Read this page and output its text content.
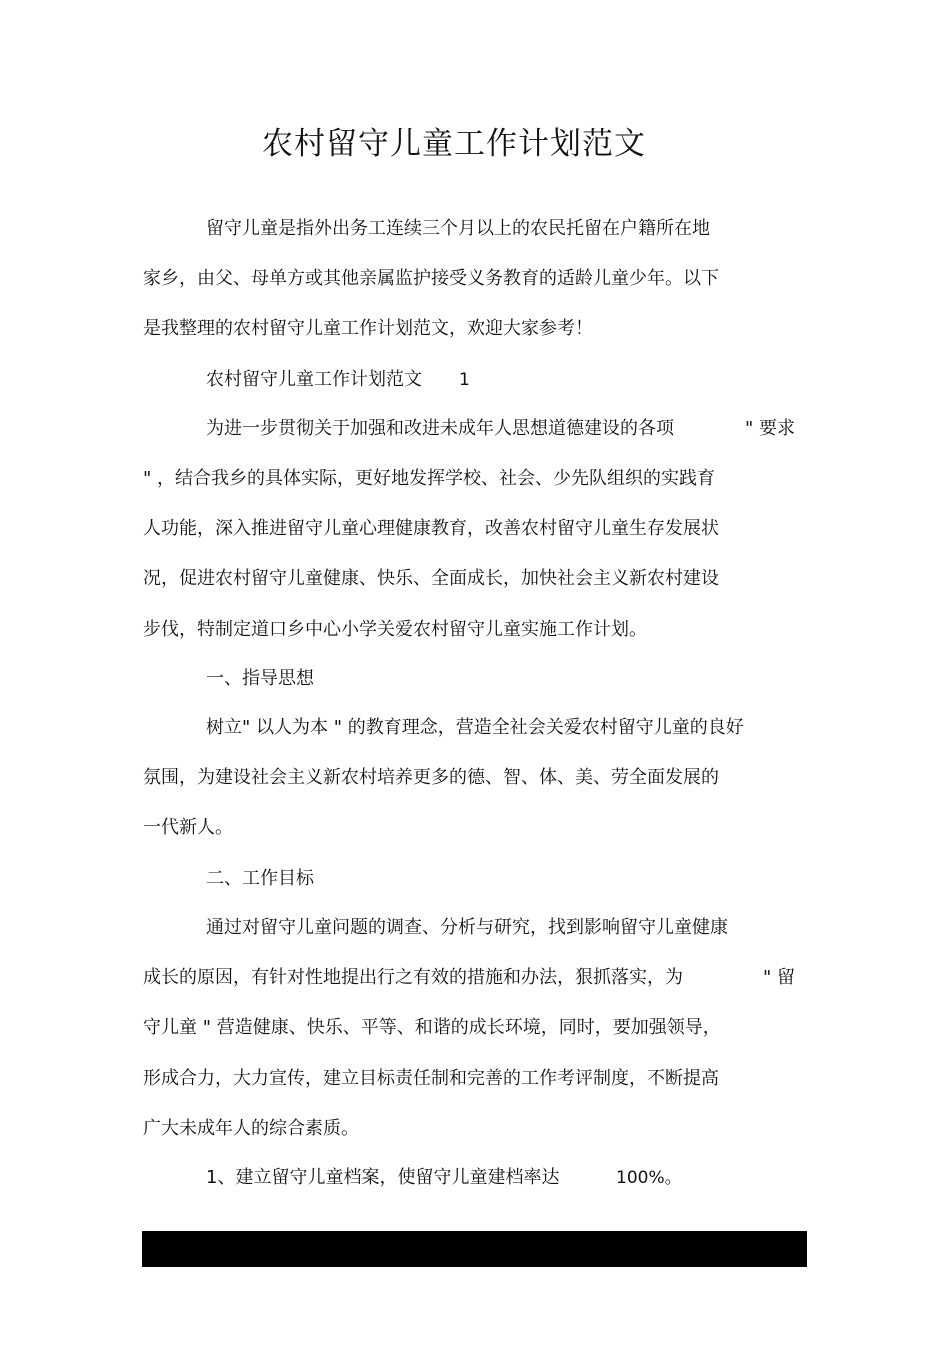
农村留守儿童工作计划范文
留守儿童是指外出务工连续三个月以上的农民托留在户籍所在地
家乡，由父、母单方或其他亲属监护接受义务教育的适龄儿童少年。以下
是我整理的农村留守儿童工作计划范文，欢迎大家参考！
农村留守儿童工作计划范文 1
为进一步贯彻关于加强和改进未成年人思想道德建设的各项	" 要求
" ，结合我乡的具体实际，更好地发挥学校、社会、少先队组织的实践育
人功能，深入推进留守儿童心理健康教育，改善农村留守儿童生存发展状
况，促进农村留守儿童健康、快乐、全面成长，加快社会主义新农村建设
步伐，特制定道口乡中心小学关爱农村留守儿童实施工作计划。
一、指导思想
树立" 以人为本 " 的教育理念，营造全社会关爱农村留守儿童的良好
氛围，为建设社会主义新农村培养更多的德、智、体、美、劳全面发展的
一代新人。
二、工作目标
通过对留守儿童问题的调查、分析与研究，找到影响留守儿童健康
成长的原因，有针对性地提出行之有效的措施和办法，狠抓落实，为	" 留
守儿童 " 营造健康、快乐、平等、和谐的成长环境，同时，要加强领导，
形成合力，大力宣传，建立目标责任制和完善的工作考评制度，不断提高
广大未成年人的综合素质。
1、建立留守儿童档案，使留守儿童建档率达	100%。
